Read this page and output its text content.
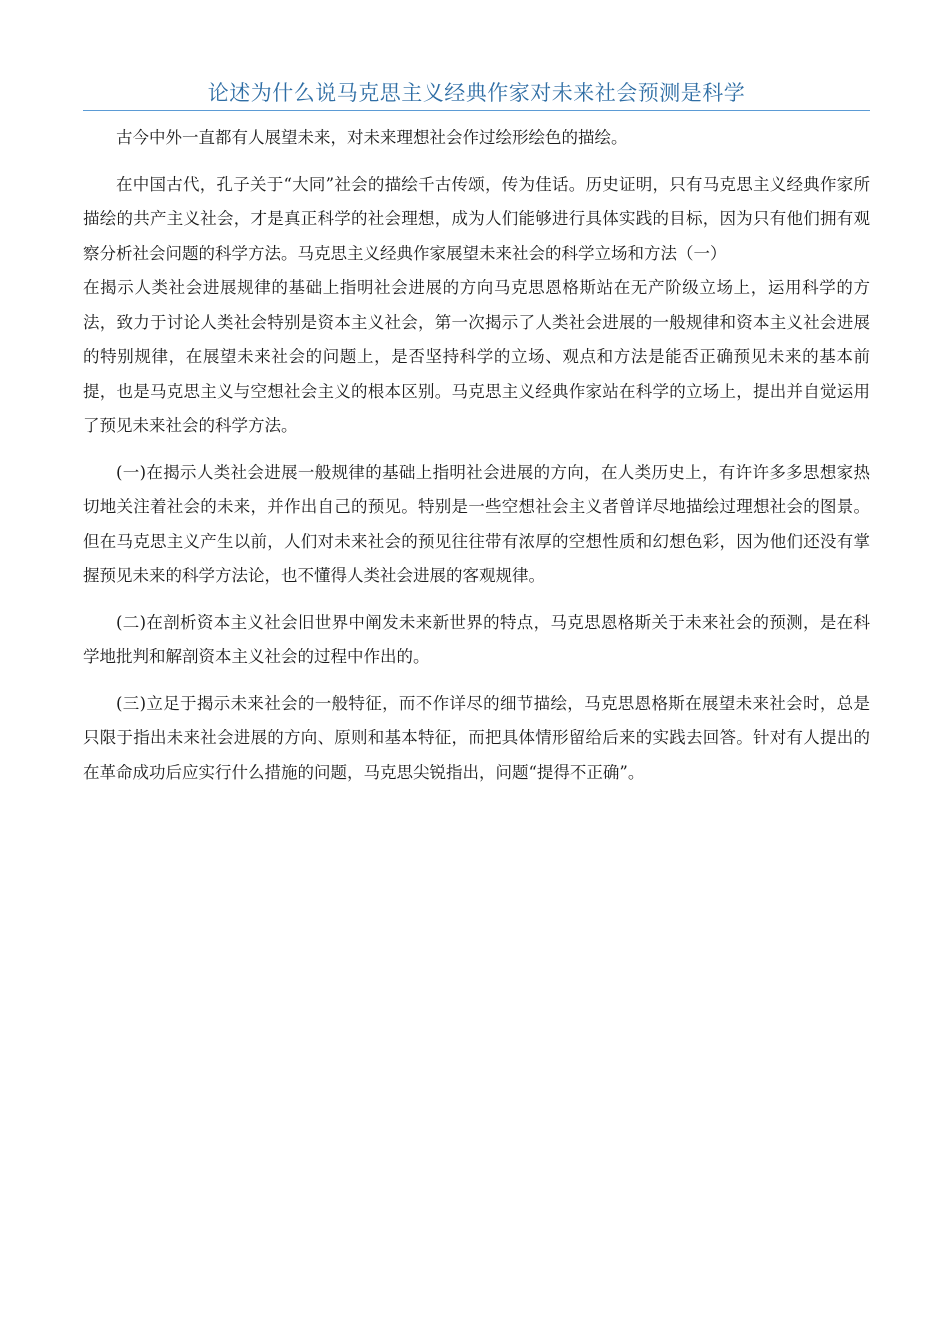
论述为什么说马克思主义经典作家对未来社会预测是科学

古今中外一直都有人展望未来，对未来理想社会作过绘形绘色的描绘。

在中国古代，孔子关于“大同”社会的描绘千古传颂，传为佳话。历史证明，只有马克思主义经典作家所描绘的共产主义社会，才是真正科学的社会理想，成为人们能够进行具体实践的目标，因为只有他们拥有观察分析社会问题的科学方法。马克思主义经典作家展望未来社会的科学立场和方法（一）

在揭示人类社会进展规律的基础上指明社会进展的方向马克思恩格斯站在无产阶级立场上，运用科学的方法，致力于讨论人类社会特别是资本主义社会，第一次揭示了人类社会进展的一般规律和资本主义社会进展的特别规律，在展望未来社会的问题上，是否坚持科学的立场、观点和方法是能否正确预见未来的基本前提，也是马克思主义与空想社会主义的根本区别。马克思主义经典作家站在科学的立场上，提出并自觉运用了预见未来社会的科学方法。

(一)在揭示人类社会进展一般规律的基础上指明社会进展的方向，在人类历史上，有许许多多思想家热切地关注着社会的未来，并作出自己的预见。特别是一些空想社会主义者曾详尽地描绘过理想社会的图景。但在马克思主义产生以前，人们对未来社会的预见往往带有浓厚的空想性质和幻想色彩，因为他们还没有掌握预见未来的科学方法论，也不懂得人类社会进展的客观规律。

(二)在剖析资本主义社会旧世界中阐发未来新世界的特点，马克思恩格斯关于未来社会的预测，是在科学地批判和解剖资本主义社会的过程中作出的。

(三)立足于揭示未来社会的一般特征，而不作详尽的细节描绘，马克思恩格斯在展望未来社会时，总是只限于指出未来社会进展的方向、原则和基本特征，而把具体情形留给后来的实践去回答。针对有人提出的在革命成功后应实行什么措施的问题，马克思尖锐指出，问题“提得不正确”。
